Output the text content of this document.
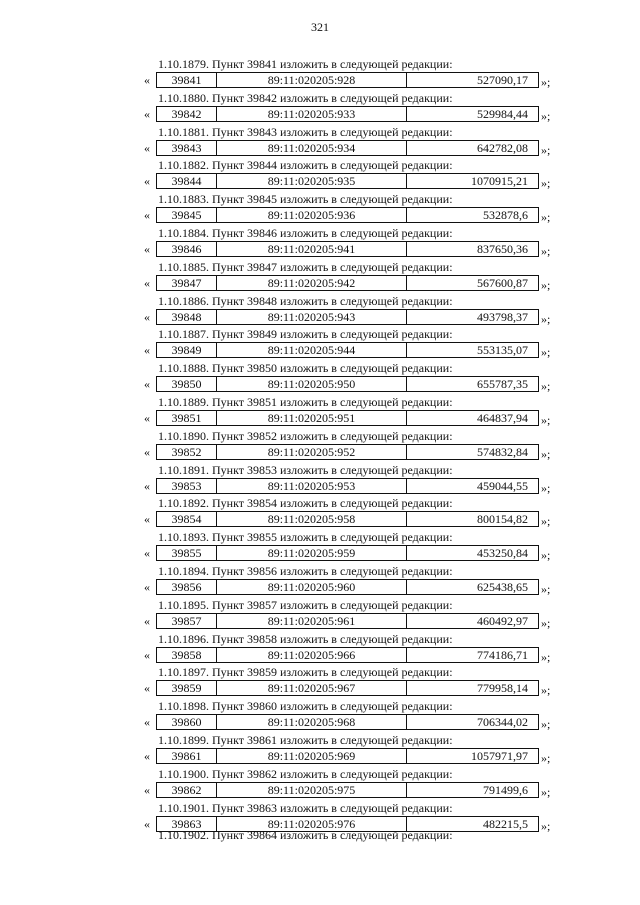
321
1.10.1879. Пункт 39841 изложить в следующей редакции:
«	39841	89:11:020205:928	527090,17	»;
1.10.1880. Пункт 39842 изложить в следующей редакции:
«	39842	89:11:020205:933	529984,44	»;
1.10.1881. Пункт 39843 изложить в следующей редакции:
«	39843	89:11:020205:934	642782,08	»;
1.10.1882. Пункт 39844 изложить в следующей редакции:
«	39844	89:11:020205:935	1070915,21	»;
1.10.1883. Пункт 39845 изложить в следующей редакции:
«	39845	89:11:020205:936	532878,6	»;
1.10.1884. Пункт 39846 изложить в следующей редакции:
«	39846	89:11:020205:941	837650,36	»;
1.10.1885. Пункт 39847 изложить в следующей редакции:
«	39847	89:11:020205:942	567600,87	»;
1.10.1886. Пункт 39848 изложить в следующей редакции:
«	39848	89:11:020205:943	493798,37	»;
1.10.1887. Пункт 39849 изложить в следующей редакции:
«	39849	89:11:020205:944	553135,07	»;
1.10.1888. Пункт 39850 изложить в следующей редакции:
«	39850	89:11:020205:950	655787,35	»;
1.10.1889. Пункт 39851 изложить в следующей редакции:
«	39851	89:11:020205:951	464837,94	»;
1.10.1890. Пункт 39852 изложить в следующей редакции:
«	39852	89:11:020205:952	574832,84	»;
1.10.1891. Пункт 39853 изложить в следующей редакции:
«	39853	89:11:020205:953	459044,55	»;
1.10.1892. Пункт 39854 изложить в следующей редакции:
«	39854	89:11:020205:958	800154,82	»;
1.10.1893. Пункт 39855 изложить в следующей редакции:
«	39855	89:11:020205:959	453250,84	»;
1.10.1894. Пункт 39856 изложить в следующей редакции:
«	39856	89:11:020205:960	625438,65	»;
1.10.1895. Пункт 39857 изложить в следующей редакции:
«	39857	89:11:020205:961	460492,97	»;
1.10.1896. Пункт 39858 изложить в следующей редакции:
«	39858	89:11:020205:966	774186,71	»;
1.10.1897. Пункт 39859 изложить в следующей редакции:
«	39859	89:11:020205:967	779958,14	»;
1.10.1898. Пункт 39860 изложить в следующей редакции:
«	39860	89:11:020205:968	706344,02	»;
1.10.1899. Пункт 39861 изложить в следующей редакции:
«	39861	89:11:020205:969	1057971,97	»;
1.10.1900. Пункт 39862 изложить в следующей редакции:
«	39862	89:11:020205:975	791499,6	»;
1.10.1901. Пункт 39863 изложить в следующей редакции:
«	39863	89:11:020205:976	482215,5	»;
1.10.1902. Пункт 39864 изложить в следующей редакции:
